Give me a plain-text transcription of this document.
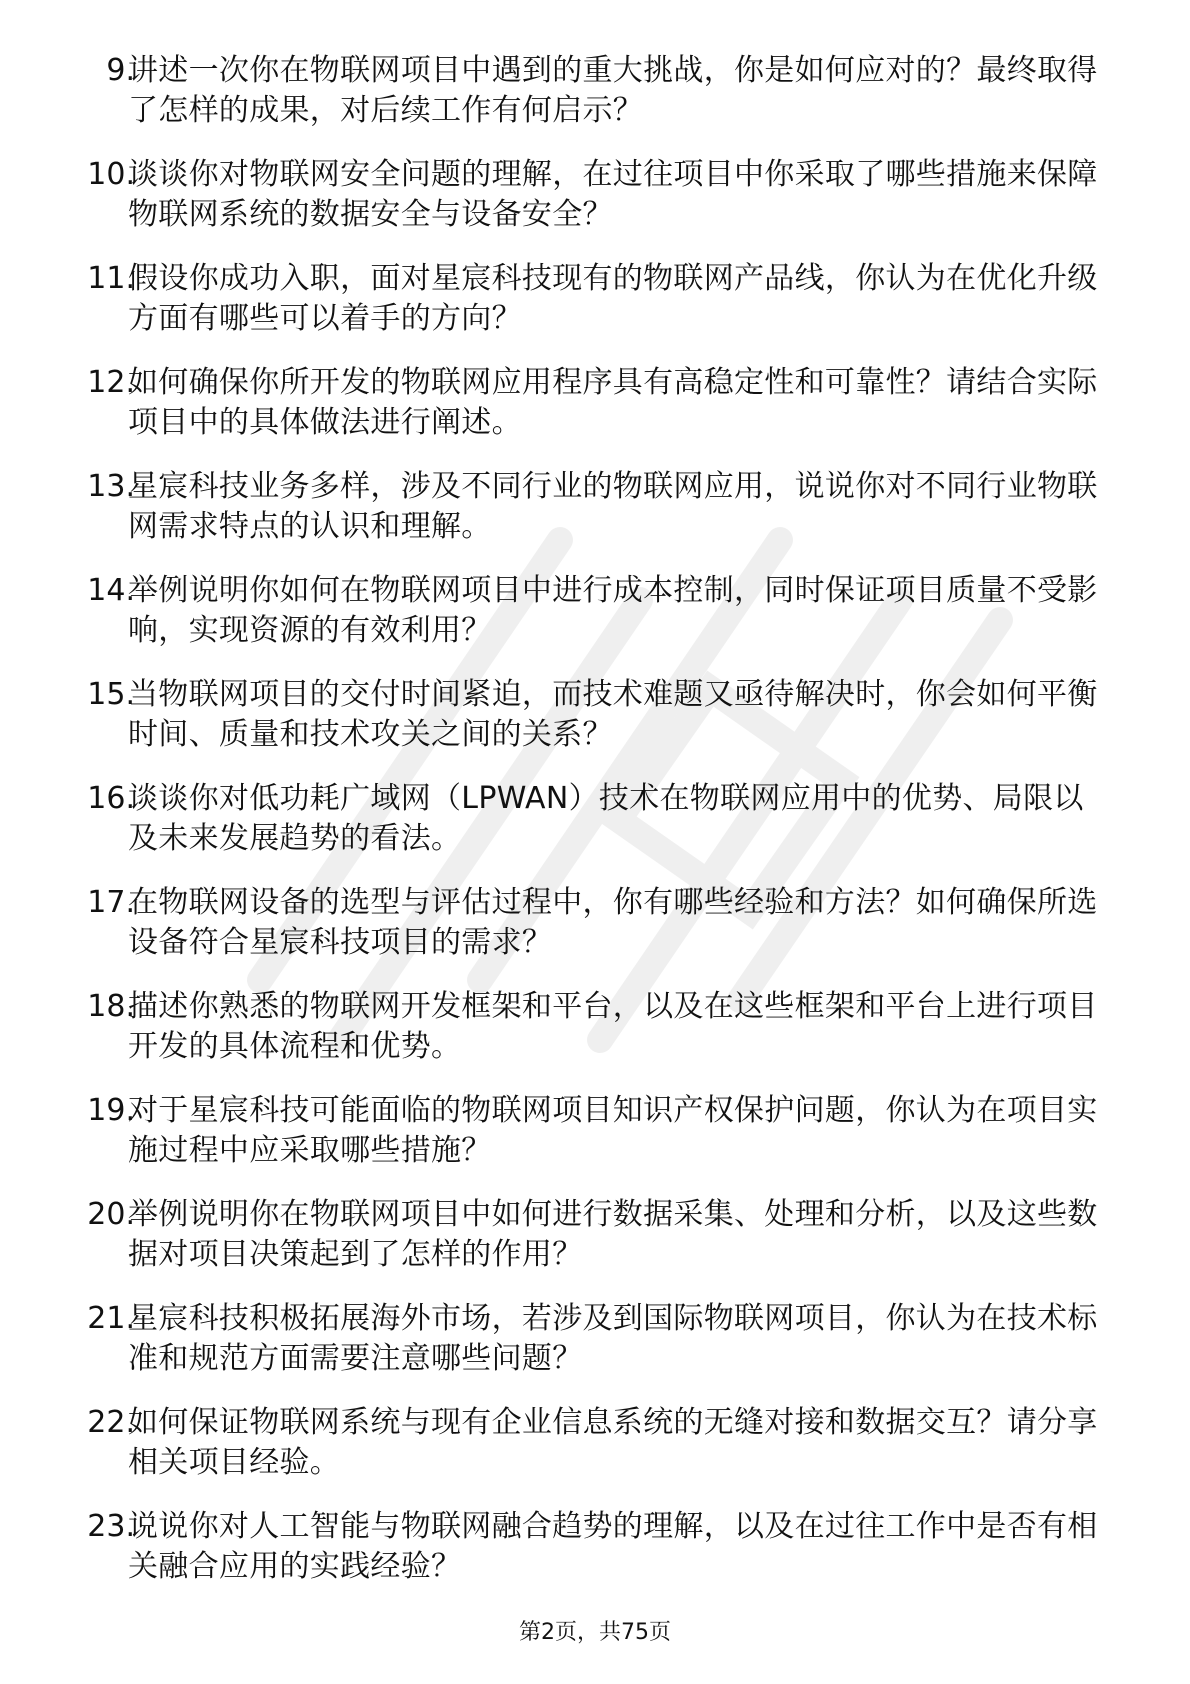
9.
讲述一次你在物联网项目中遇到的重大挑战，你是如何应对的？最终取得了怎样的成果，对后续工作有何启示？
10.
谈谈你对物联网安全问题的理解，在过往项目中你采取了哪些措施来保障物联网系统的数据安全与设备安全？
11.
假设你成功入职，面对星宸科技现有的物联网产品线，你认为在优化升级方面有哪些可以着手的方向？
12.
如何确保你所开发的物联网应用程序具有高稳定性和可靠性？请结合实际项目中的具体做法进行阐述。
13.
星宸科技业务多样，涉及不同行业的物联网应用，说说你对不同行业物联网需求特点的认识和理解。
14.
举例说明你如何在物联网项目中进行成本控制，同时保证项目质量不受影响，实现资源的有效利用？
15.
当物联网项目的交付时间紧迫，而技术难题又亟待解决时，你会如何平衡时间、质量和技术攻关之间的关系？
16.
谈谈你对低功耗广域网（LPWAN）技术在物联网应用中的优势、局限以及未来发展趋势的看法。
17.
在物联网设备的选型与评估过程中，你有哪些经验和方法？如何确保所选设备符合星宸科技项目的需求？
18.
描述你熟悉的物联网开发框架和平台，以及在这些框架和平台上进行项目开发的具体流程和优势。
19.
对于星宸科技可能面临的物联网项目知识产权保护问题，你认为在项目实施过程中应采取哪些措施？
20.
举例说明你在物联网项目中如何进行数据采集、处理和分析，以及这些数据对项目决策起到了怎样的作用？
21.
星宸科技积极拓展海外市场，若涉及到国际物联网项目，你认为在技术标准和规范方面需要注意哪些问题？
22.
如何保证物联网系统与现有企业信息系统的无缝对接和数据交互？请分享相关项目经验。
23.
说说你对人工智能与物联网融合趋势的理解，以及在过往工作中是否有相关融合应用的实践经验？
第2页，共75页
